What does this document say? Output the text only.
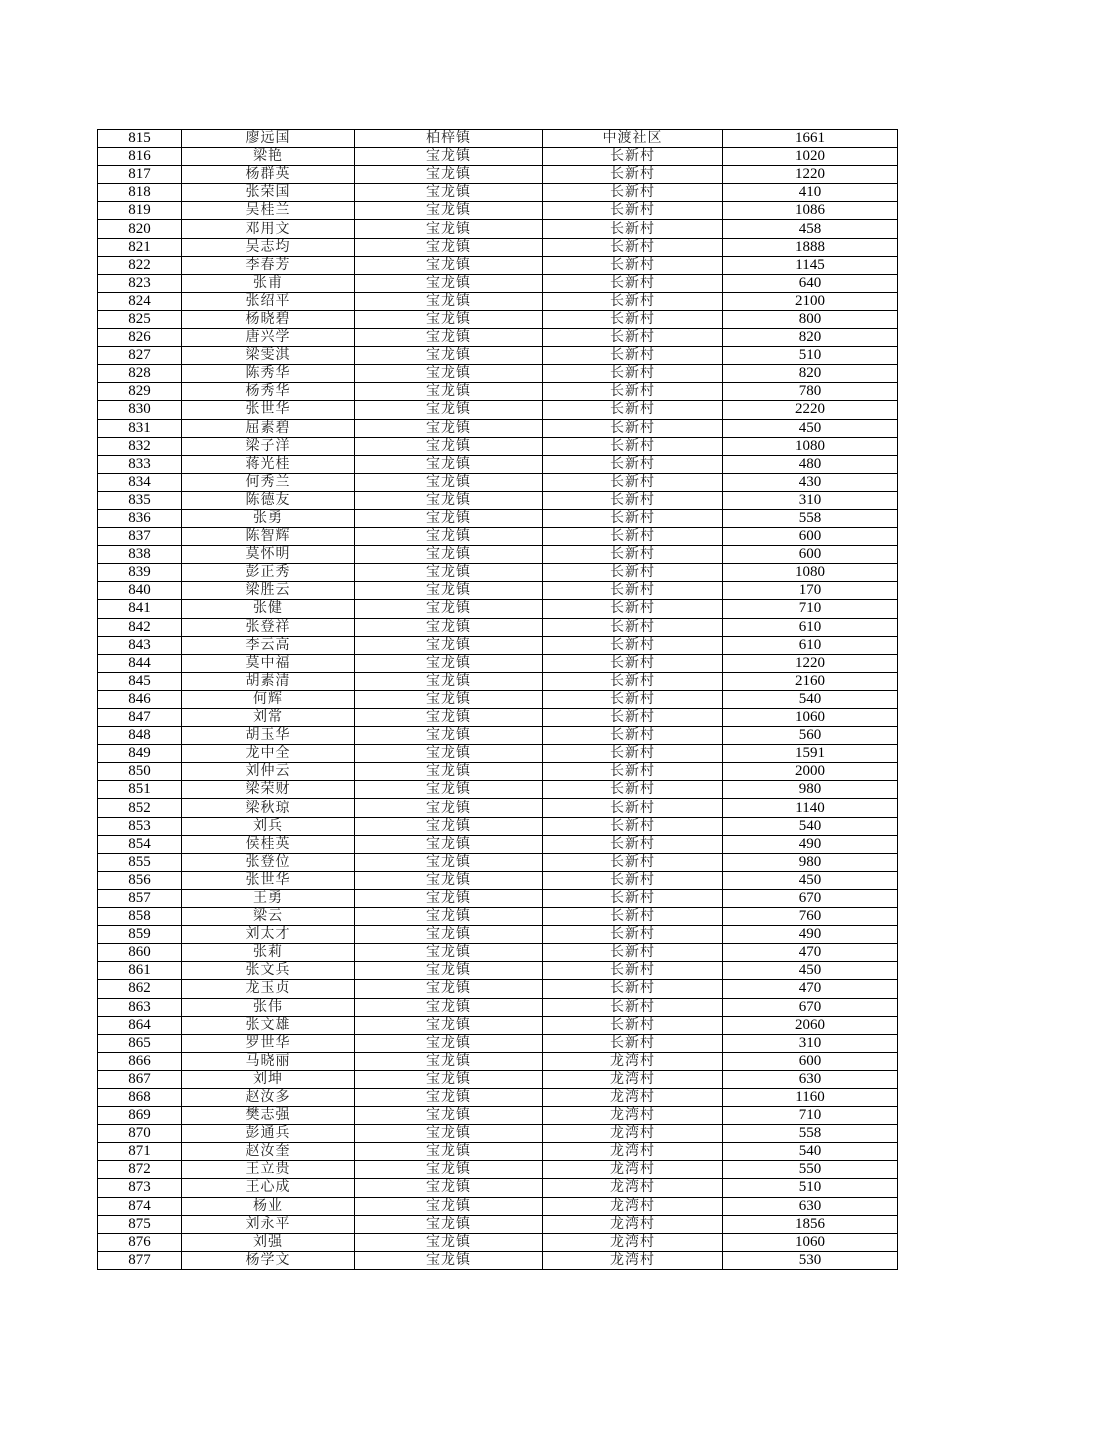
815	廖远国	柏梓镇	中渡社区	1661
816	梁艳	宝龙镇	长新村	1020
817	杨群英	宝龙镇	长新村	1220
818	张荣国	宝龙镇	长新村	410
819	吴桂兰	宝龙镇	长新村	1086
820	邓用文	宝龙镇	长新村	458
821	吴志均	宝龙镇	长新村	1888
822	李春芳	宝龙镇	长新村	1145
823	张甫	宝龙镇	长新村	640
824	张绍平	宝龙镇	长新村	2100
825	杨晓碧	宝龙镇	长新村	800
826	唐兴学	宝龙镇	长新村	820
827	梁雯淇	宝龙镇	长新村	510
828	陈秀华	宝龙镇	长新村	820
829	杨秀华	宝龙镇	长新村	780
830	张世华	宝龙镇	长新村	2220
831	屈素碧	宝龙镇	长新村	450
832	梁子洋	宝龙镇	长新村	1080
833	蒋光桂	宝龙镇	长新村	480
834	何秀兰	宝龙镇	长新村	430
835	陈德友	宝龙镇	长新村	310
836	张勇	宝龙镇	长新村	558
837	陈智辉	宝龙镇	长新村	600
838	莫怀明	宝龙镇	长新村	600
839	彭正秀	宝龙镇	长新村	1080
840	梁胜云	宝龙镇	长新村	170
841	张健	宝龙镇	长新村	710
842	张登祥	宝龙镇	长新村	610
843	李云高	宝龙镇	长新村	610
844	莫中福	宝龙镇	长新村	1220
845	胡素清	宝龙镇	长新村	2160
846	何辉	宝龙镇	长新村	540
847	刘常	宝龙镇	长新村	1060
848	胡玉华	宝龙镇	长新村	560
849	龙中全	宝龙镇	长新村	1591
850	刘仲云	宝龙镇	长新村	2000
851	梁荣财	宝龙镇	长新村	980
852	梁秋琼	宝龙镇	长新村	1140
853	刘兵	宝龙镇	长新村	540
854	侯桂英	宝龙镇	长新村	490
855	张登位	宝龙镇	长新村	980
856	张世华	宝龙镇	长新村	450
857	王勇	宝龙镇	长新村	670
858	梁云	宝龙镇	长新村	760
859	刘太才	宝龙镇	长新村	490
860	张莉	宝龙镇	长新村	470
861	张文兵	宝龙镇	长新村	450
862	龙玉贞	宝龙镇	长新村	470
863	张伟	宝龙镇	长新村	670
864	张文雄	宝龙镇	长新村	2060
865	罗世华	宝龙镇	长新村	310
866	马晓丽	宝龙镇	龙湾村	600
867	刘坤	宝龙镇	龙湾村	630
868	赵汝多	宝龙镇	龙湾村	1160
869	樊志强	宝龙镇	龙湾村	710
870	彭通兵	宝龙镇	龙湾村	558
871	赵汝奎	宝龙镇	龙湾村	540
872	王立贵	宝龙镇	龙湾村	550
873	王心成	宝龙镇	龙湾村	510
874	杨业	宝龙镇	龙湾村	630
875	刘永平	宝龙镇	龙湾村	1856
876	刘强	宝龙镇	龙湾村	1060
877	杨学文	宝龙镇	龙湾村	530
